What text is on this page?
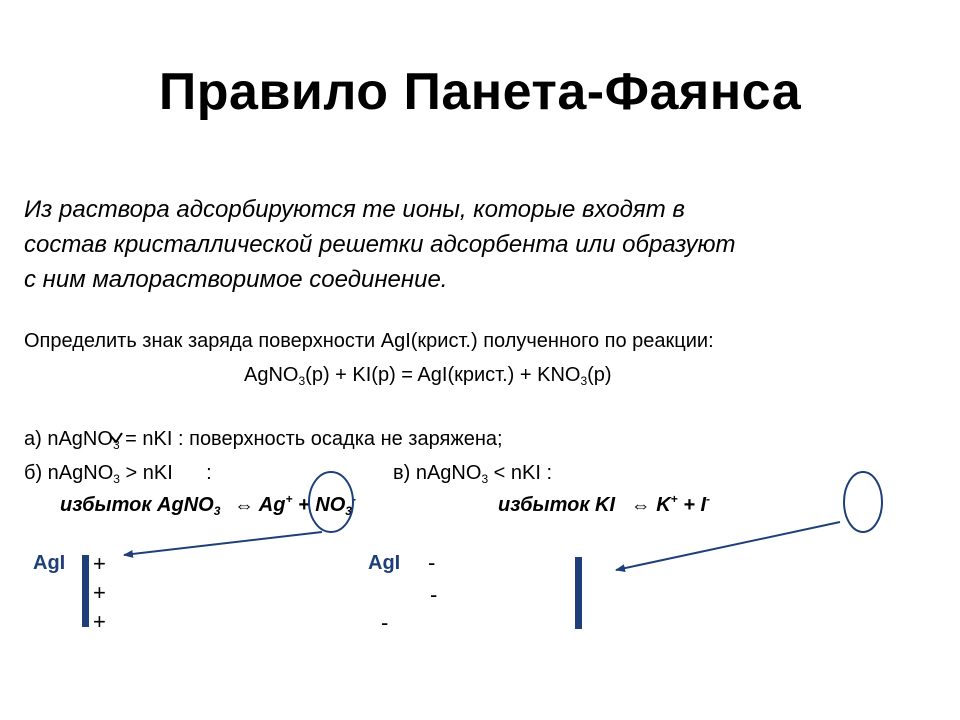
Правило Панета-Фаянса
Из раствора адсорбируются те ионы, которые входят в
состав кристаллической решетки адсорбента или образуют
с ним малорастворимое соединение.
Определить знак заряда поверхности AgI(крист.) полученного по реакции:
AgNO$_3$(р) + KI(р) = AgI(крист.) + $KNO_3(р)$
а) nAgNO$_3$ = nKI : поверхность осадка не заряжена;
б) nAgNO$_3$ > nKI      :	в) nAgNO$_3$ < nKI :
избыток AgNO$_3$ ⇔ $Ag^+ + NO_3^-$	избыток KI ⇔ K+ + I-
AgI +
+
+
AgI -
-
-
